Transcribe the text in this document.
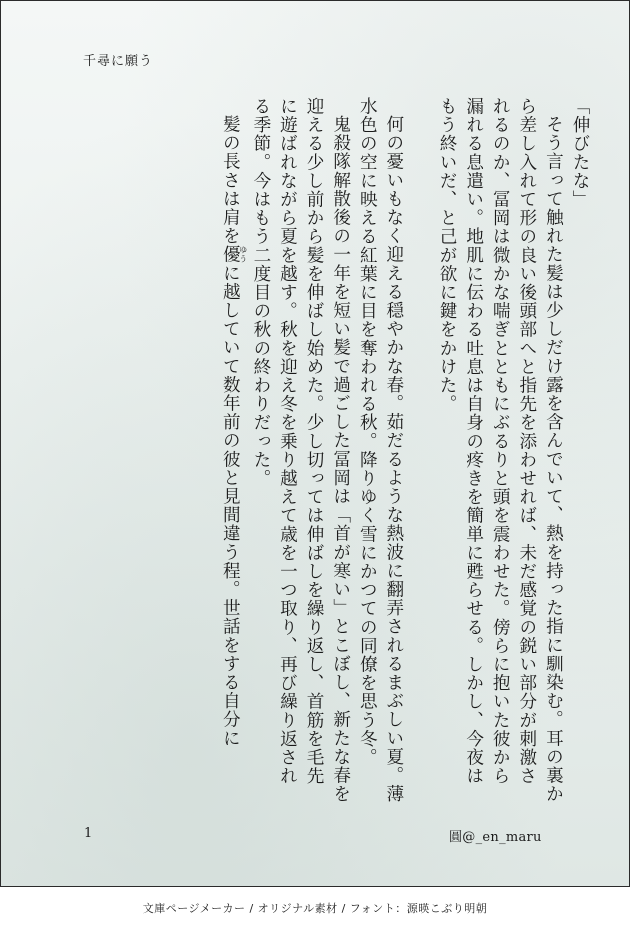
千尋に願う

「伸びたな」

そう言って触れた髪は少しだけ露を含んでいて、熱を持った指に馴染む。耳の裏から差し入れて形の良い後頭部へと指先を添わせれば、未だ感覚の鋭い部分が刺激されるのか、冨岡は微かな喘ぎとともにぶるりと頭を震わせた。傍らに抱いた彼から漏れる息遣い。地肌に伝わる吐息は自身の疼きを簡単に甦らせる。しかし、今夜はもう終いだ、と己が欲に鍵をかけた。

何の憂いもなく迎える穏やかな春。茹だるような熱波に翻弄されるまぶしい夏。薄水色の空に映える紅葉に目を奪われる秋。降りゆく雪にかつての同僚を思う冬。

鬼殺隊解散後の一年を短い髪で過ごした冨岡は「首が寒い」とこぼし、新たな春を迎える少し前から髪を伸ばし始めた。少し切っては伸ばしを繰り返し、首筋を毛先に遊ばれながら夏を越す。秋を迎え冬を乗り越えて歳を一つ取り、再び繰り返される季節。今はもう二度目の秋の終わりだった。

髪の長さは肩を優ゆうに越していて数年前の彼と見間違う程。世話をする自分に

1	圓@_en_maru
文庫ページメーカー / オリジナル素材 / フォント：源暎こぶり明朝
